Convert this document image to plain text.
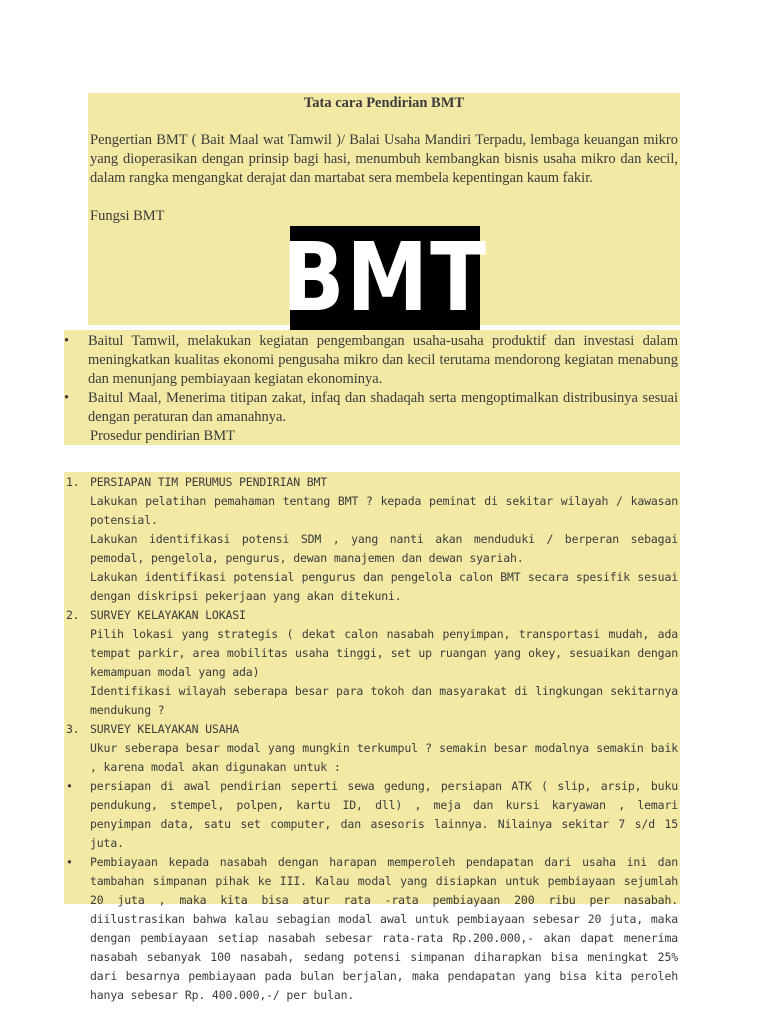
Tata cara Pendirian BMT

Pengertian BMT ( Bait Maal wat Tamwil )/ Balai Usaha Mandiri Terpadu, lembaga keuangan mikro yang dioperasikan dengan prinsip bagi hasi, menumbuh kembangkan bisnis usaha mikro dan kecil, dalam rangka mengangkat derajat dan martabat sera membela kepentingan kaum fakir.

Fungsi BMT

BMT
• Baitul Tamwil, melakukan kegiatan pengembangan usaha-usaha produktif dan investasi dalam meningkatkan kualitas ekonomi pengusaha mikro dan kecil terutama mendorong kegiatan menabung dan menunjang pembiayaan kegiatan ekonominya.

• Baitul Maal, Menerima titipan zakat, infaq dan shadaqah serta mengoptimalkan distribusinya sesuai dengan peraturan dan amanahnya.

Prosedur pendirian BMT

1. PERSIAPAN TIM PERUMUS PENDIRIAN BMT

Lakukan pelatihan pemahaman tentang BMT ? kepada peminat di sekitar wilayah / kawasan potensial.

Lakukan identifikasi potensi SDM , yang nanti akan menduduki / berperan sebagai pemodal, pengelola, pengurus, dewan manajemen dan dewan syariah.

Lakukan identifikasi potensial pengurus dan pengelola calon BMT secara spesifik sesuai dengan diskripsi pekerjaan yang akan ditekuni.

2. SURVEY KELAYAKAN LOKASI

Pilih lokasi yang strategis ( dekat calon nasabah penyimpan, transportasi mudah, ada tempat parkir, area mobilitas usaha tinggi, set up ruangan yang okey, sesuaikan dengan kemampuan modal yang ada)

Identifikasi wilayah seberapa besar para tokoh dan masyarakat di lingkungan sekitarnya mendukung ?

3. SURVEY KELAYAKAN USAHA

Ukur seberapa besar modal yang mungkin terkumpul ? semakin besar modalnya semakin baik , karena modal akan digunakan untuk :

• persiapan di awal pendirian seperti sewa gedung, persiapan ATK ( slip, arsip, buku pendukung, stempel, polpen, kartu ID, dll) , meja dan kursi karyawan , lemari penyimpan data, satu set computer, dan asesoris lainnya. Nilainya sekitar 7 s/d 15 juta.

• Pembiayaan kepada nasabah dengan harapan memperoleh pendapatan dari usaha ini dan tambahan simpanan pihak ke III. Kalau modal yang disiapkan untuk pembiayaan sejumlah 20 juta , maka kita bisa atur rata -rata pembiayaan 200 ribu per nasabah. diilustrasikan bahwa kalau sebagian modal awal untuk pembiayaan sebesar 20 juta, maka dengan pembiayaan setiap nasabah sebesar rata-rata Rp.200.000,- akan dapat menerima nasabah sebanyak 100 nasabah, sedang potensi simpanan diharapkan bisa meningkat 25% dari besarnya pembiayaan pada bulan berjalan, maka pendapatan yang bisa kita peroleh hanya sebesar Rp. 400.000,-/ per bulan.
